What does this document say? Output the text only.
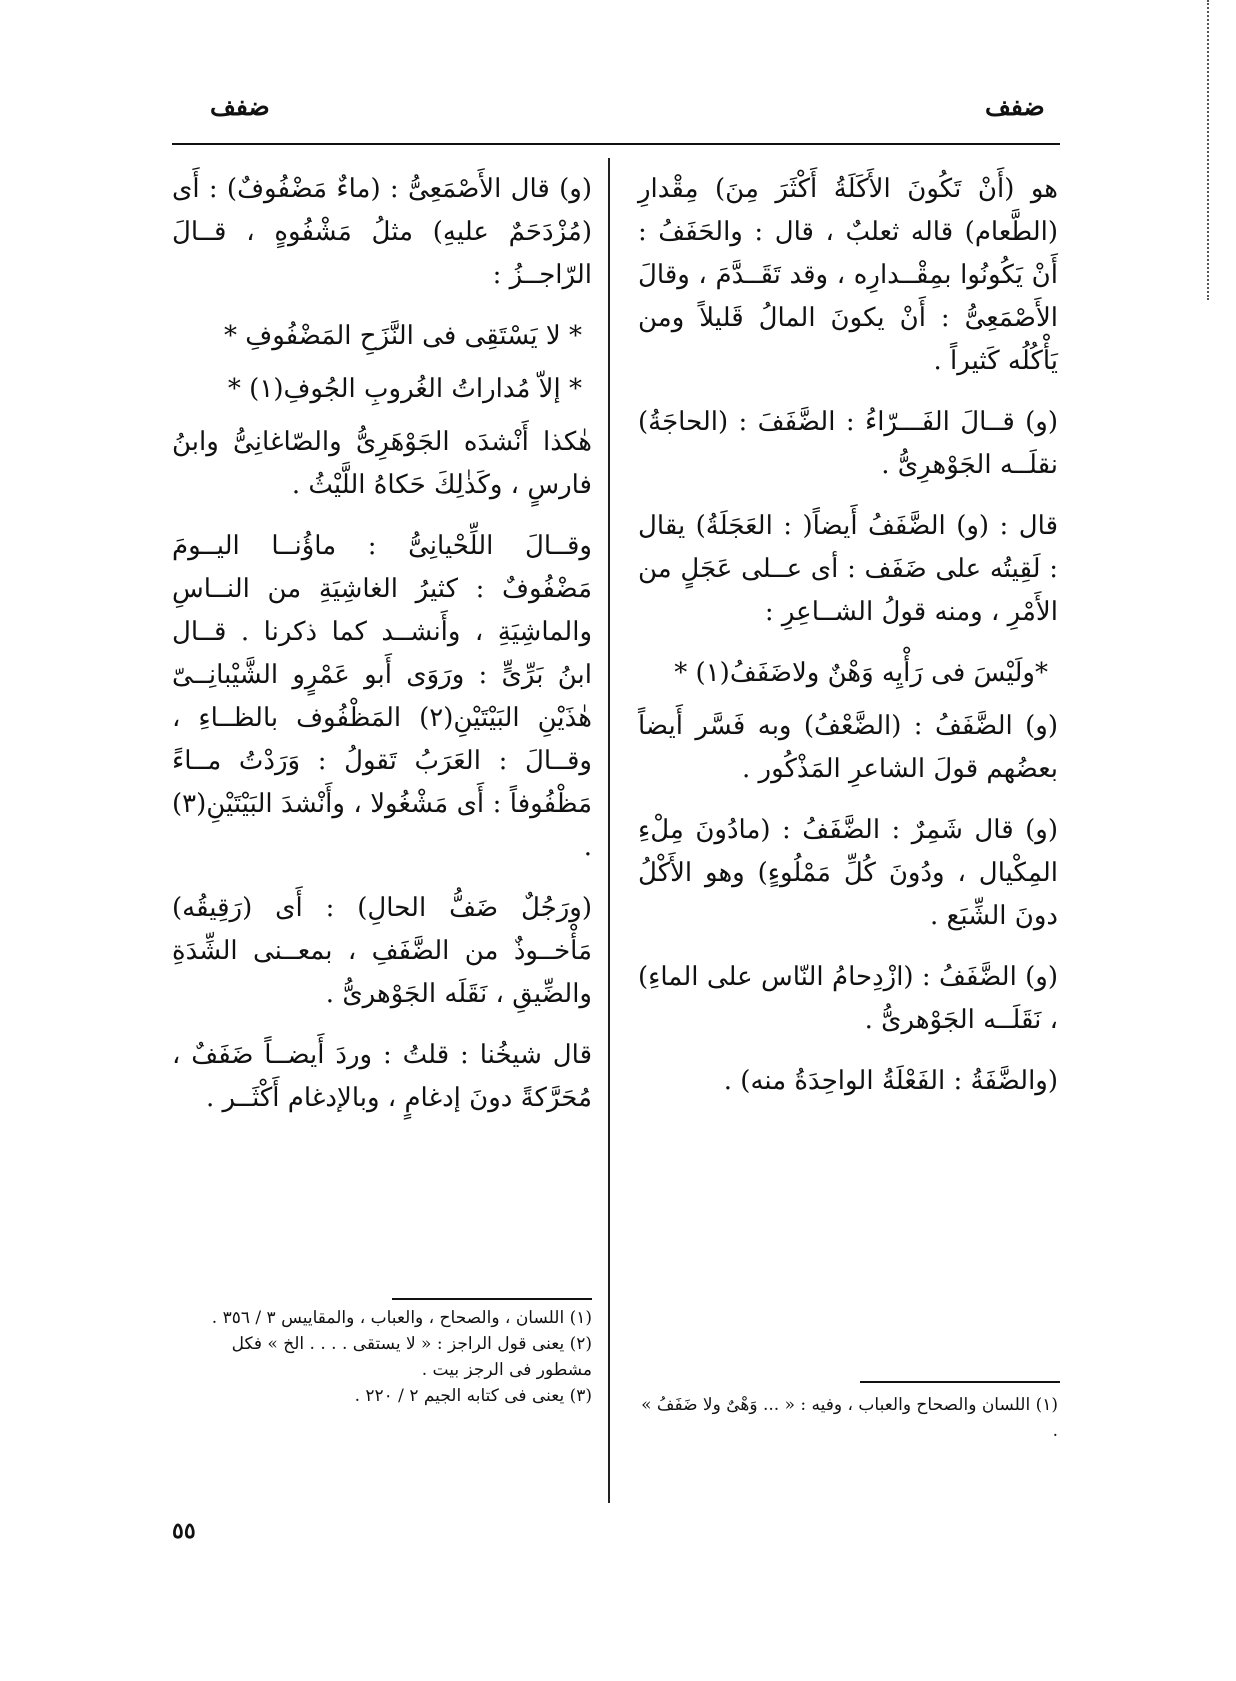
ضفف	ضفف

هو (أَنْ تَكُونَ الأَكَلَةُ أَكْثَرَ مِنَ) مِقْدارِ (الطَّعام) قاله ثعلبٌ ، قال : والحَفَفُ : أَنْ يَكُونُوا بمِقْــدارِه ، وقد تَقَــدَّمَ ، وقالَ الأَصْمَعِىُّ : أَنْ يكونَ المالُ قَليلاً ومن يَأْكُلُه كَثيراً .

(و) قــالَ الفَـــرّاءُ : الضَّفَفَ : (الحاجَةُ) نقلَــه الجَوْهرِىُّ .

قال : (و) الضَّفَفُ أَيضاً( : العَجَلَةُ) يقال : لَقِيتُه على ضَفَف : أى عــلى عَجَلٍ من الأَمْرِ ، ومنه قولُ الشــاعِرِ :

*ولَيْسَ فى رَأْيِه وَهْنٌ ولاضَفَفُ(١) *

(و) الضَّفَفُ : (الضَّعْفُ) وبه فَسَّر أَيضاً بعضُهم قولَ الشاعرِ المَذْكُور .

(و) قال شَمِرٌ : الضَّفَفُ : (مادُونَ مِلْءِ المِكْيال ، ودُونَ كُلِّ مَمْلُوءٍ) وهو الأَكْلُ دونَ الشِّبَع .

(و) الضَّفَفُ : (ازْدِحامُ النّاس على الماءِ) ، نَقَلَــه الجَوْهرىُّ .

(والضَّفَةُ : الفَعْلَةُ الواحِدَةُ منه) .

(١) اللسان والصحاح والعباب ، وفيه : « ... وَهْىٌ ولا ضَفَفُ » .

(و) قال الأَصْمَعِىُّ : (ماءٌ مَضْفُوفٌ) : أَى (مُزْدَحَمٌ عليهِ) مثلُ مَشْفُوهٍ ، قــالَ الرّاجــزُ :

* لا يَسْتَقِى فى النَّزَحِ المَضْفُوفِ *

* إلاّ مُداراتُ الغُروبِ الجُوفِ(١) *

هٰكذا أَنْشدَه الجَوْهَرِىُّ والصّاغانِىُّ وابنُ فارسٍ ، وكَذٰلِكَ حَكاهُ اللَّيْثُ .

وقــالَ اللِّحْيانِىُّ : ماؤُنــا اليــومَ مَضْفُوفٌ : كثيرُ الغاشِيَةِ من النــاسِ والماشِيَةِ ، وأَنشــد كما ذكرنا . قــال ابنُ بَرِّىٍّ : ورَوَى أَبو عَمْرٍو الشَّيْبانِــىّ هٰذَيْنِ البَيْتَيْنِ(٢) المَظْفُوف بالظــاءِ ، وقــالَ : العَرَبُ تَقولُ : وَرَدْتُ مــاءً مَظْفُوفاً : أَى مَشْغُولا ، وأَنْشدَ البَيْتَيْنِ(٣) .

(ورَجُلٌ ضَفُّ الحالِ) : أَى (رَقِيقُه) مَأْخــوذٌ من الضَّفَفِ ، بمعــنى الشِّدَةِ والضِّيقِ ، نَقَلَه الجَوْهرىُّ .

قال شيخُنا : قلتُ : وردَ أَيضــاً ضَفَفٌ ، مُحَرَّكةً دونَ إدغامٍ ، وبالإدغام أَكْثَــر .

(١) اللسان ، والصحاح ، والعباب ، والمقاييس ٣ / ٣٥٦ .

(٢) يعنى قول الراجز : « لا يستقى . . . . الخ » فكل مشطور فى الرجز بيت .

(٣) يعنى فى كتابه الجيم ٢ / ٢٢٠ .

٥٥
